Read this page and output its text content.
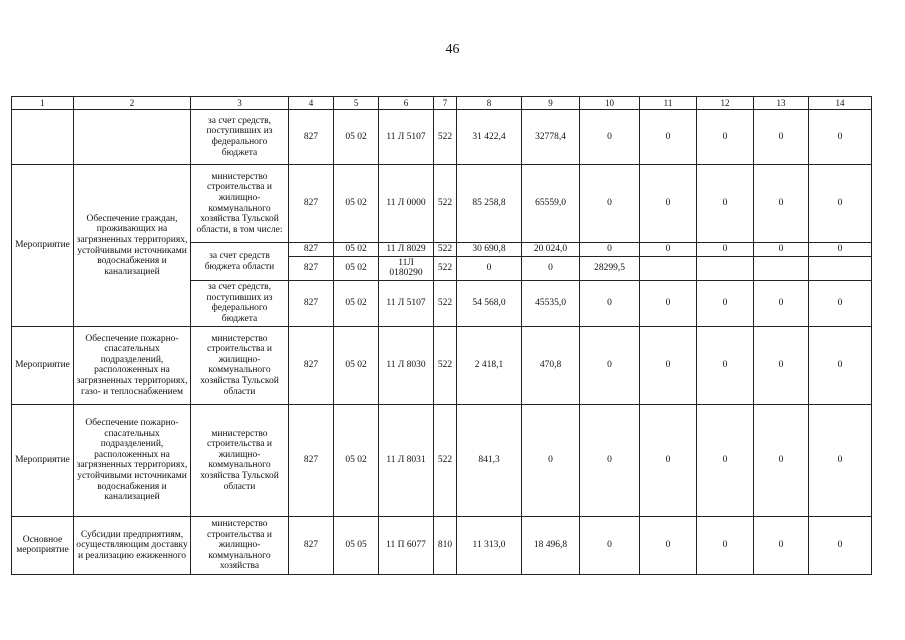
46
1	2	3	4	5	6	7	8	9	10	11	12	13	14
		за счет средств, поступивших из федерального бюджета	827	05 02	11 Л 5107	522	31 422,4	32778,4	0	0	0	0	0
Мероприятие	Обеспечение граждан, проживающих на загрязненных территориях, устойчивыми источниками водоснабжения и канализацией	министерство строительства и жилищно-коммунального хозяйства Тульской области, в том числе:	827	05 02	11 Л 0000	522	85 258,8	65559,0	0	0	0	0	0
		за счет средств бюджета области	827	05 02	11 Л 8029	522	30 690,8	20 024,0	0	0	0	0	0
			827	05 02	11Л 0180290	522	0	0	28299,5				
		за счет средств, поступивших из федерального бюджета	827	05 02	11 Л 5107	522	54 568,0	45535,0	0	0	0	0	0
Мероприятие	Обеспечение пожарно-спасательных подразделений, расположенных на загрязненных территориях, газо- и теплоснабжением	министерство строительства и жилищно-коммунального хозяйства Тульской области	827	05 02	11 Л 8030	522	2 418,1	470,8	0	0	0	0	0
Мероприятие	Обеспечение пожарно-спасательных подразделений, расположенных на загрязненных территориях, устойчивыми источниками водоснабжения и канализацией	министерство строительства и жилищно-коммунального хозяйства Тульской области	827	05 02	11 Л 8031	522	841,3	0	0	0	0	0	0
Основное мероприятие	Субсидии предприятиям, осуществляющим доставку и реализацию ежиженного	министерство строительства и жилищно-коммунального хозяйства	827	05 05	11 П 6077	810	11 313,0	18 496,8	0	0	0	0	0
